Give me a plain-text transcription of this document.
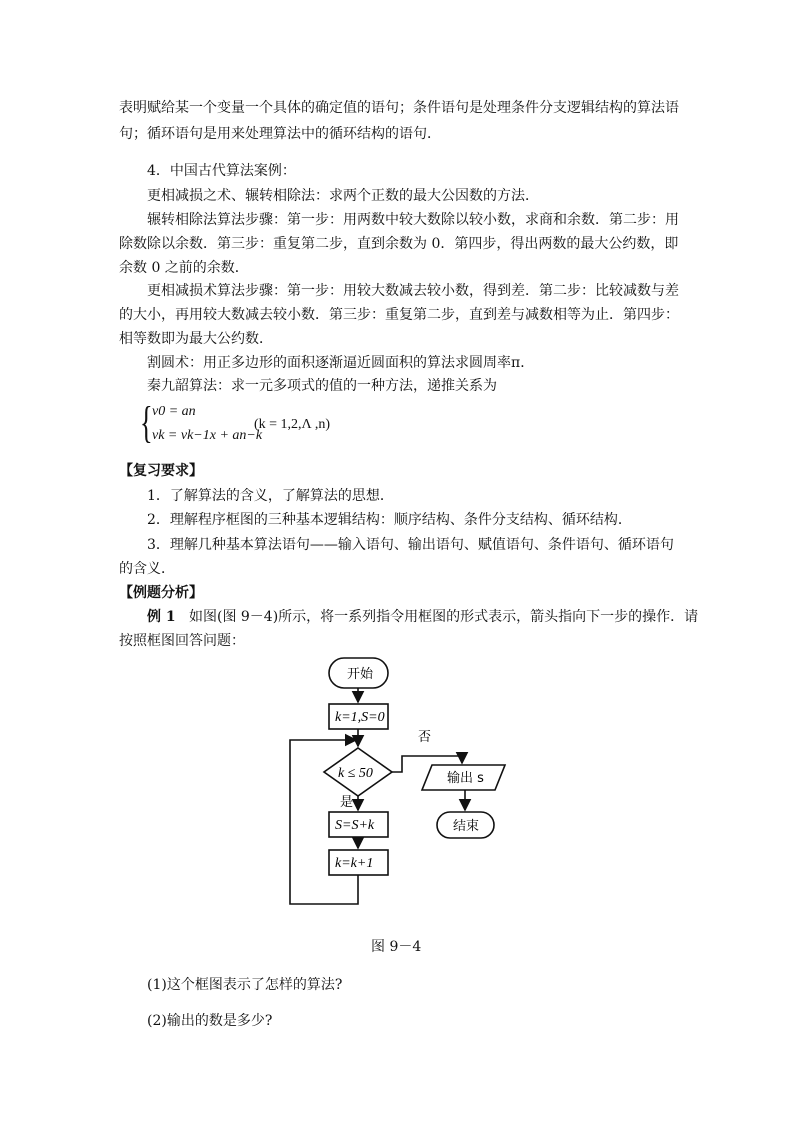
表明赋给某一个变量一个具体的确定值的语句；条件语句是处理条件分支逻辑结构的算法语
句；循环语句是用来处理算法中的循环结构的语句．
4．中国古代算法案例：
更相减损之术、辗转相除法：求两个正数的最大公因数的方法．
辗转相除法算法步骤：第一步：用两数中较大数除以较小数，求商和余数．第二步：用
除数除以余数．第三步：重复第二步，直到余数为 0．第四步，得出两数的最大公约数，即
余数 0 之前的余数．
更相减损术算法步骤：第一步：用较大数减去较小数，得到差．第二步：比较减数与差
的大小，再用较大数减去较小数．第三步：重复第二步，直到差与减数相等为止．第四步：
相等数即为最大公约数．
割圆术：用正多边形的面积逐渐逼近圆面积的算法求圆周率π．
秦九韶算法：求一元多项式的值的一种方法，递推关系为
{ v0 = an
vk = vk−1x + an−k
(k = 1,2,Λ ,n)
【复习要求】
1．了解算法的含义，了解算法的思想．
2．理解程序框图的三种基本逻辑结构：顺序结构、条件分支结构、循环结构．
3．理解几种基本算法语句——输入语句、输出语句、赋值语句、条件语句、循环语句
的含义．
【例题分析】
例 1 如图(图 9－4)所示，将一系列指令用框图的形式表示，箭头指向下一步的操作．请
按照框图回答问题：
开始
k=1,S=0
k ≤ 50
否
是
S=S+k
k=k+1
输出 s
结束
图 9－4
(1)这个框图表示了怎样的算法?
(2)输出的数是多少?
